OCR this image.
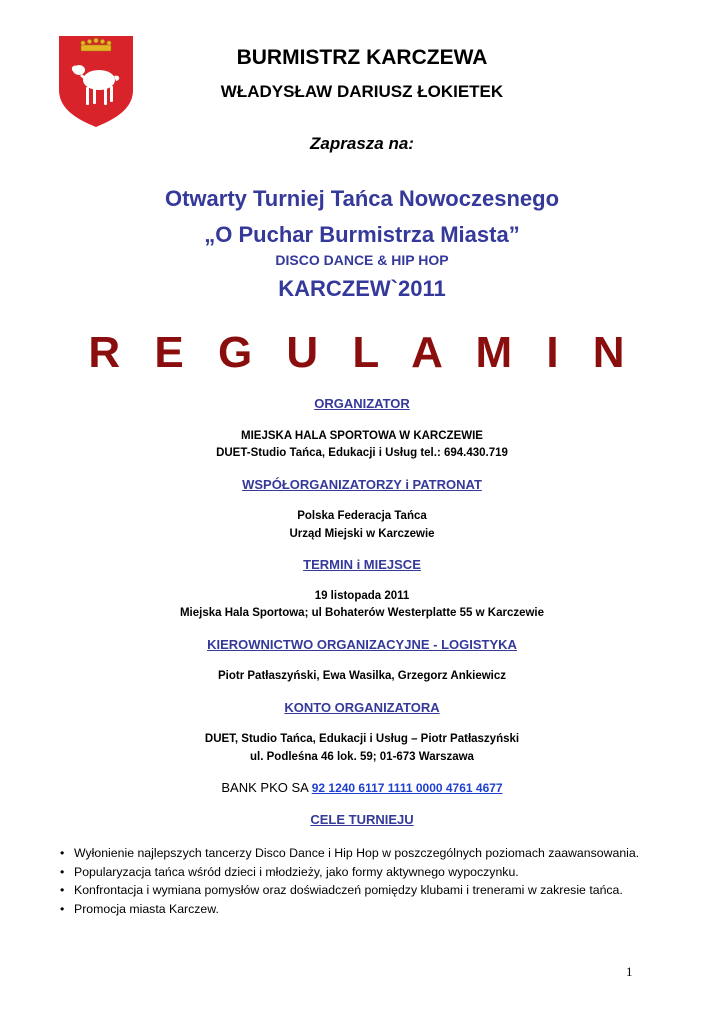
BURMISTRZ KARCZEWA
WŁADYSŁAW DARIUSZ ŁOKIETEK
Zaprasza na:
Otwarty Turniej Tańca Nowoczesnego
„O Puchar Burmistrza Miasta”
DISCO DANCE & HIP HOP
KARCZEW`2011
R E G U L A M I N
ORGANIZATOR
MIEJSKA HALA SPORTOWA W KARCZEWIE
DUET-Studio Tańca, Edukacji i Usług tel.: 694.430.719
WSPÓŁORGANIZATORZY i PATRONAT
Polska Federacja Tańca
Urząd Miejski w Karczewie
TERMIN i MIEJSCE
19 listopada 2011
Miejska Hala Sportowa; ul Bohaterów Westerplatte 55 w Karczewie
KIEROWNICTWO ORGANIZACYJNE - LOGISTYKA
Piotr Patłaszyński, Ewa Wasilka, Grzegorz Ankiewicz
KONTO ORGANIZATORA
DUET, Studio Tańca, Edukacji i Usług – Piotr Patłaszyński
ul. Podleśna 46 lok. 59; 01-673 Warszawa
BANK PKO SA 92 1240 6117 1111 0000 4761 4677
CELE TURNIEJU
• Wyłonienie najlepszych tancerzy Disco Dance i Hip Hop w poszczególnych poziomach zaawansowania.
• Popularyzacja tańca wśród dzieci i młodzieży, jako formy aktywnego wypoczynku.
• Konfrontacja i wymiana pomysłów oraz doświadczeń pomiędzy klubami i trenerami w zakresie tańca.
• Promocja miasta Karczew.
1
